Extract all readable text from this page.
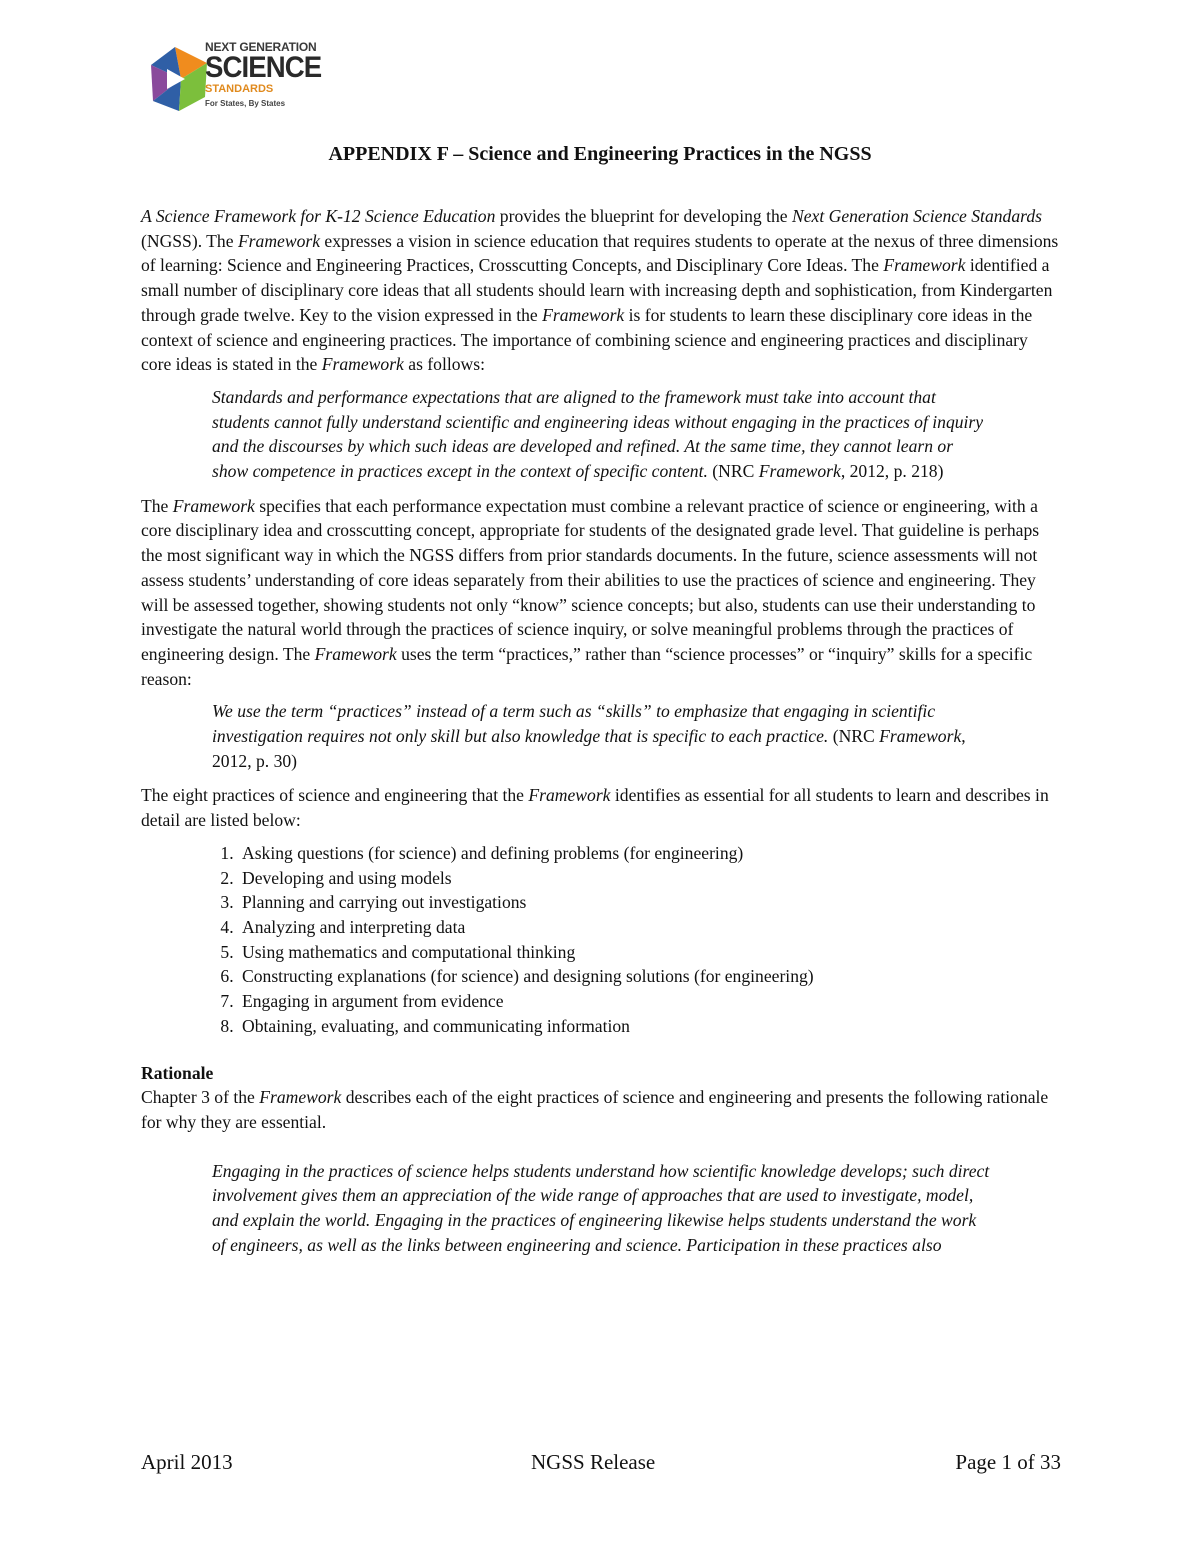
NEXT GENERATION
SCIENCE
STANDARDS
For States, By States
APPENDIX F – Science and Engineering Practices in the NGSS

A Science Framework for K-12 Science Education provides the blueprint for developing the Next Generation Science Standards (NGSS). The Framework expresses a vision in science education that requires students to operate at the nexus of three dimensions of learning: Science and Engineering Practices, Crosscutting Concepts, and Disciplinary Core Ideas. The Framework identified a small number of disciplinary core ideas that all students should learn with increasing depth and sophistication, from Kindergarten through grade twelve. Key to the vision expressed in the Framework is for students to learn these disciplinary core ideas in the context of science and engineering practices. The importance of combining science and engineering practices and disciplinary core ideas is stated in the Framework as follows:

Standards and performance expectations that are aligned to the framework must take into account that students cannot fully understand scientific and engineering ideas without engaging in the practices of inquiry and the discourses by which such ideas are developed and refined. At the same time, they cannot learn or show competence in practices except in the context of specific content. (NRC Framework, 2012, p. 218)

The Framework specifies that each performance expectation must combine a relevant practice of science or engineering, with a core disciplinary idea and crosscutting concept, appropriate for students of the designated grade level. That guideline is perhaps the most significant way in which the NGSS differs from prior standards documents. In the future, science assessments will not assess students’ understanding of core ideas separately from their abilities to use the practices of science and engineering. They will be assessed together, showing students not only “know” science concepts; but also, students can use their understanding to investigate the natural world through the practices of science inquiry, or solve meaningful problems through the practices of engineering design. The Framework uses the term “practices,” rather than “science processes” or “inquiry” skills for a specific reason:

We use the term “practices” instead of a term such as “skills” to emphasize that engaging in scientific investigation requires not only skill but also knowledge that is specific to each practice. (NRC Framework, 2012, p. 30)

The eight practices of science and engineering that the Framework identifies as essential for all students to learn and describes in detail are listed below:

1. Asking questions (for science) and defining problems (for engineering)
2. Developing and using models
3. Planning and carrying out investigations
4. Analyzing and interpreting data
5. Using mathematics and computational thinking
6. Constructing explanations (for science) and designing solutions (for engineering)
7. Engaging in argument from evidence
8. Obtaining, evaluating, and communicating information

Rationale

Chapter 3 of the Framework describes each of the eight practices of science and engineering and presents the following rationale for why they are essential.

Engaging in the practices of science helps students understand how scientific knowledge develops; such direct involvement gives them an appreciation of the wide range of approaches that are used to investigate, model, and explain the world. Engaging in the practices of engineering likewise helps students understand the work of engineers, as well as the links between engineering and science. Participation in these practices also

April 2013	NGSS Release	Page 1 of 33
